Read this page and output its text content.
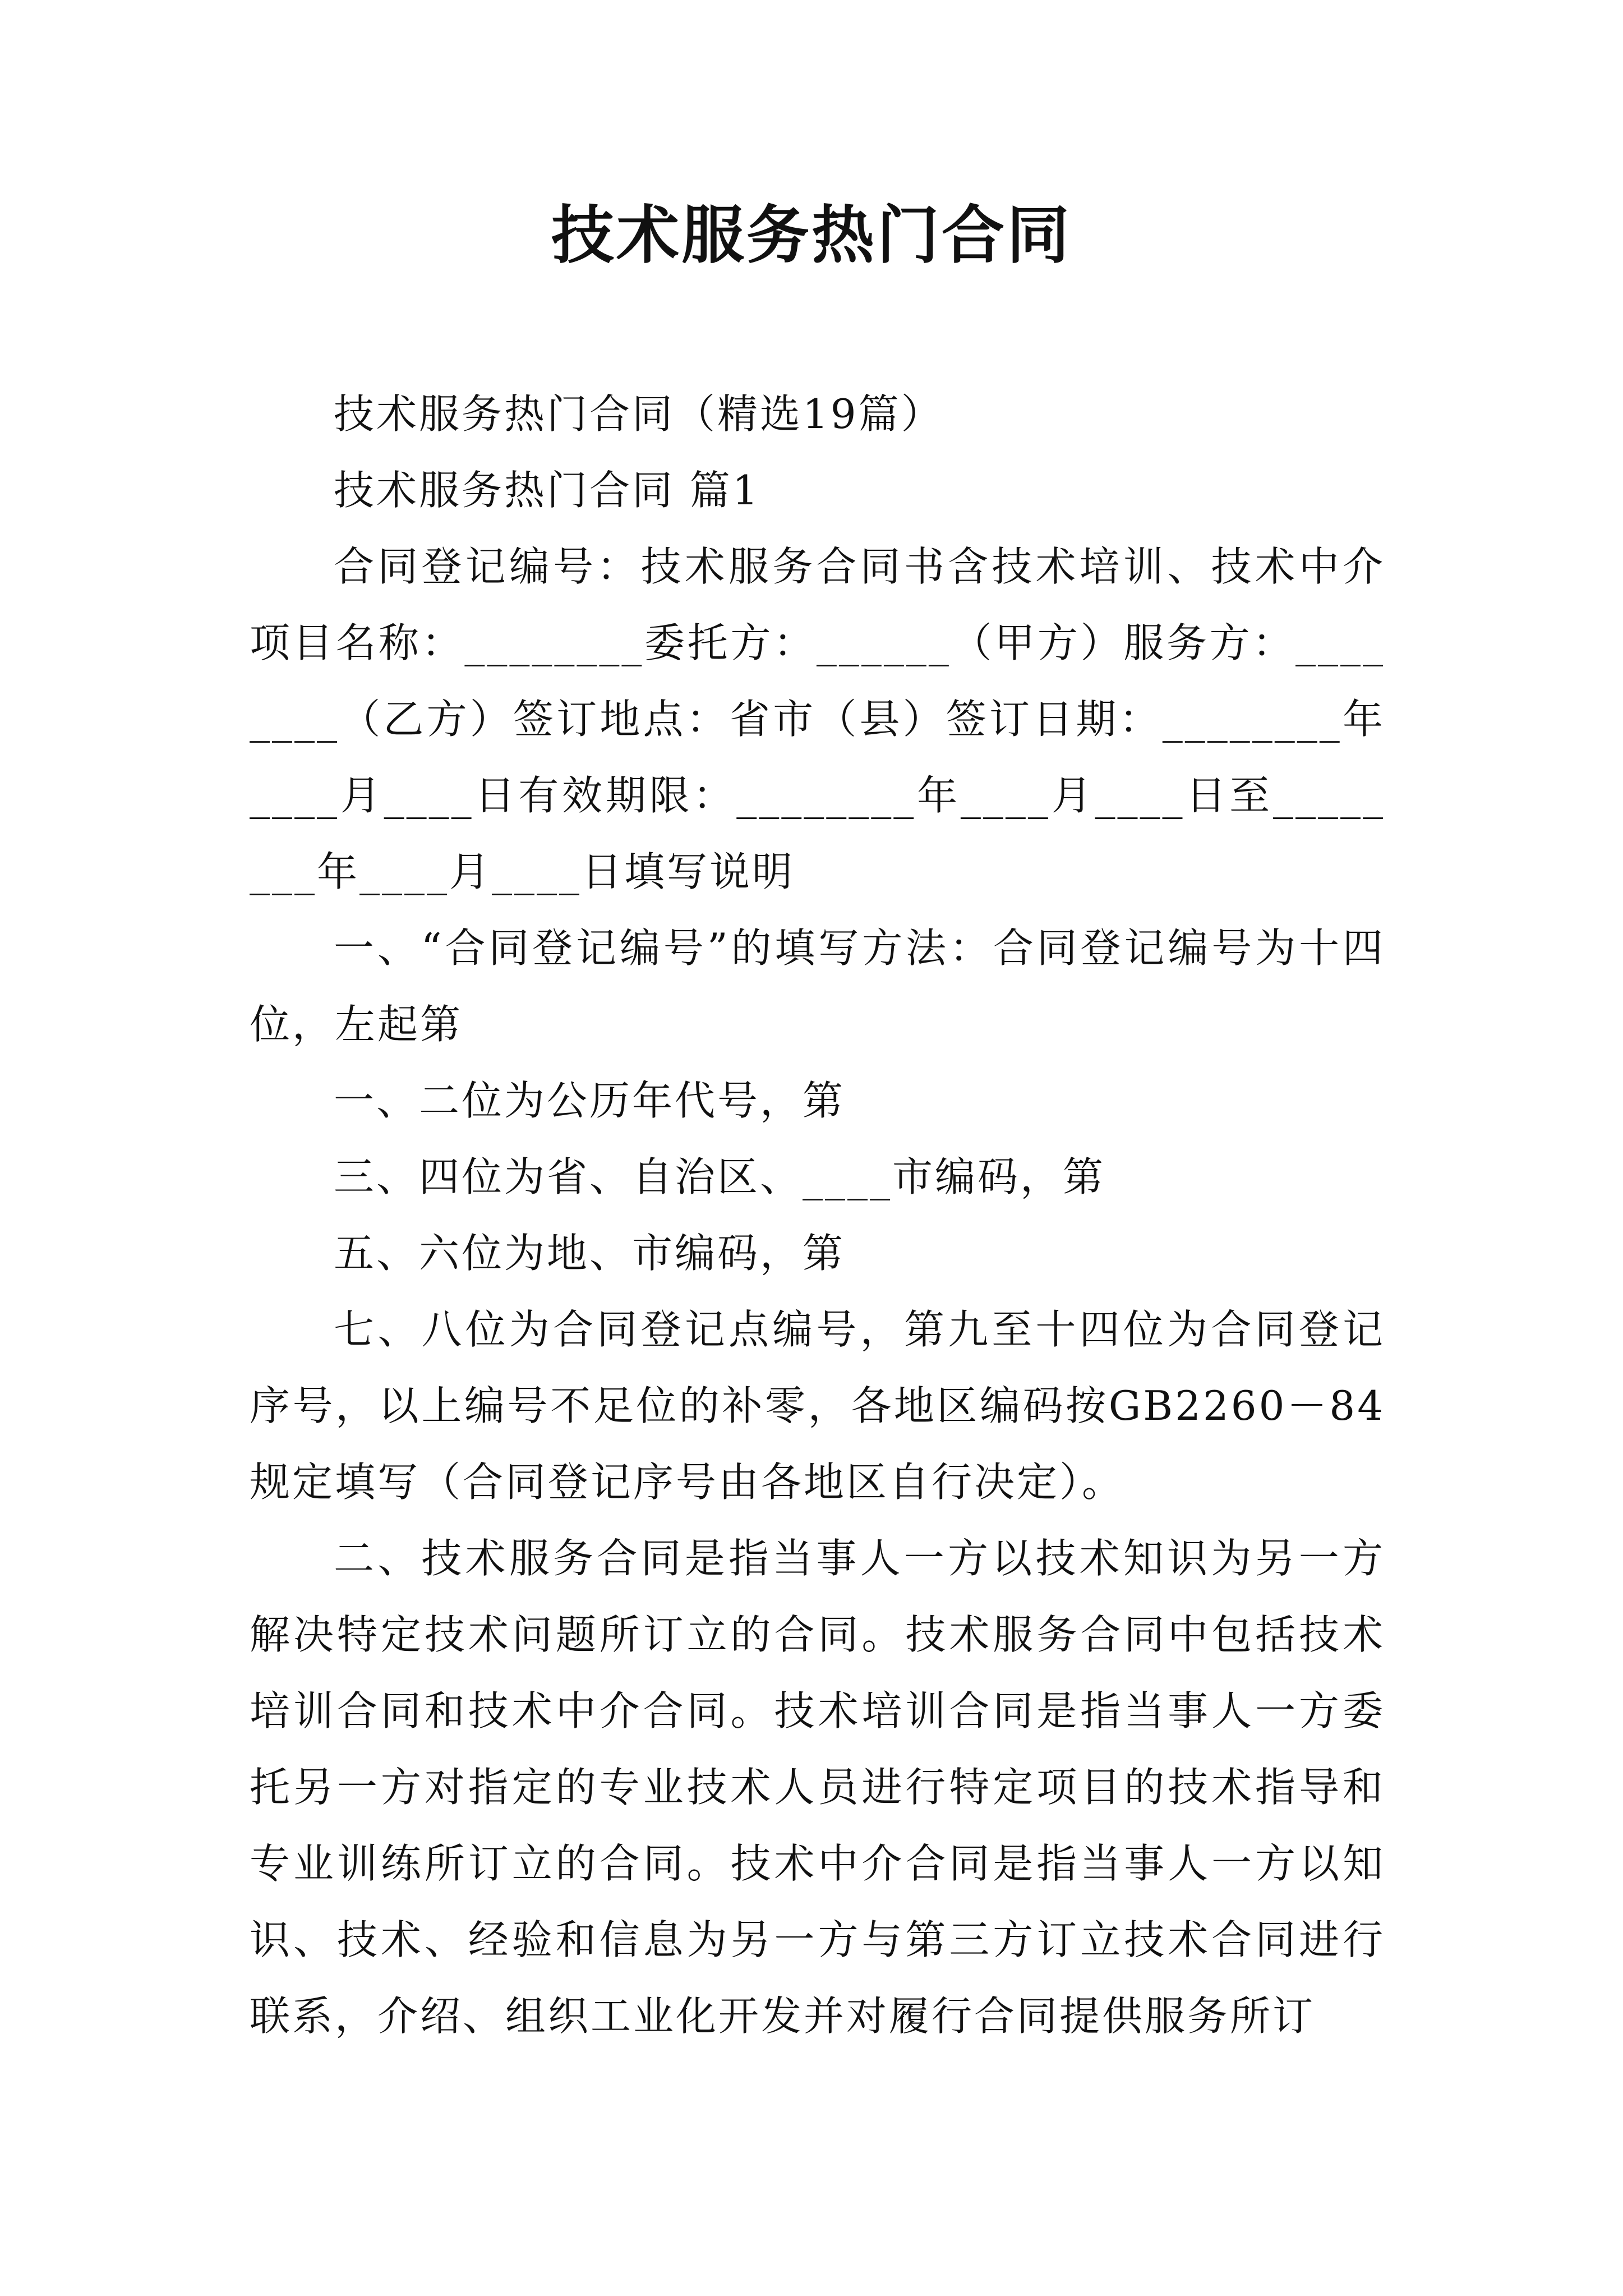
技术服务热门合同

技术服务热门合同（精选19篇）

技术服务热门合同 篇1

合同登记编号：技术服务合同书含技术培训、技术中介项目名称：________委托方：______（甲方）服务方：________（乙方）签订地点：省市（县）签订日期：________年____月____日有效期限：________年____月____日至________年____月____日填写说明

一、“合同登记编号”的填写方法：合同登记编号为十四位，左起第

一、二位为公历年代号，第

三、四位为省、自治区、____市编码，第

五、六位为地、市编码，第

七、八位为合同登记点编号，第九至十四位为合同登记序号，以上编号不足位的补零，各地区编码按GB2260－84规定填写（合同登记序号由各地区自行决定）。

二、技术服务合同是指当事人一方以技术知识为另一方解决特定技术问题所订立的合同。技术服务合同中包括技术培训合同和技术中介合同。技术培训合同是指当事人一方委托另一方对指定的专业技术人员进行特定项目的技术指导和专业训练所订立的合同。技术中介合同是指当事人一方以知识、技术、经验和信息为另一方与第三方订立技术合同进行联系，介绍、组织工业化开发并对履行合同提供服务所订
